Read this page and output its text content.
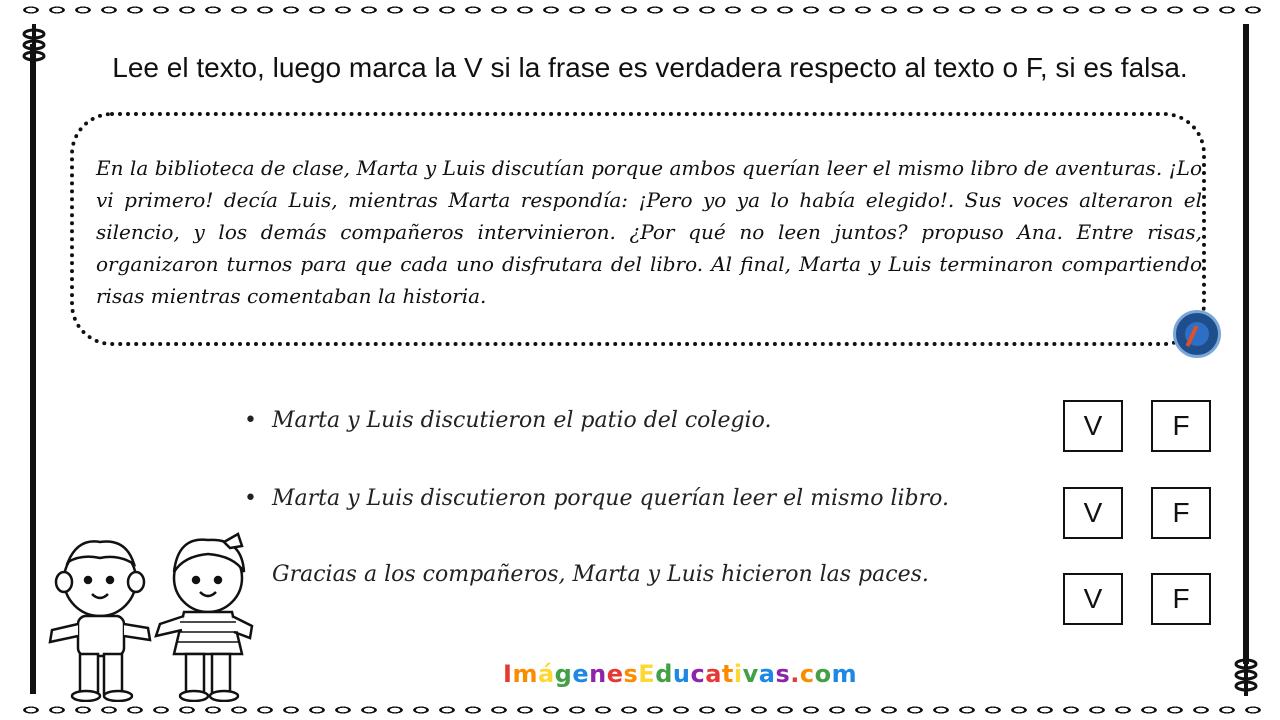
Lee el texto, luego marca la V si la frase es verdadera respecto al texto o F, si es falsa.
En la biblioteca de clase, Marta y Luis discutían porque ambos querían leer el mismo libro de aventuras. ¡Lo vi primero! decía Luis, mientras Marta respondía: ¡Pero yo ya lo había elegido!. Sus voces alteraron el silencio, y los demás compañeros intervinieron. ¿Por qué no leen juntos? propuso Ana. Entre risas, organizaron turnos para que cada uno disfrutara del libro. Al final, Marta y Luis terminaron compartiendo risas mientras comentaban la historia.
• Marta y Luis discutieron el patio del colegio.
• Marta y Luis discutieron porque querían leer el mismo libro.
Gracias a los compañeros, Marta y Luis hicieron las paces.
V	F
V	F
V	F
ImágenesEducativas.com
